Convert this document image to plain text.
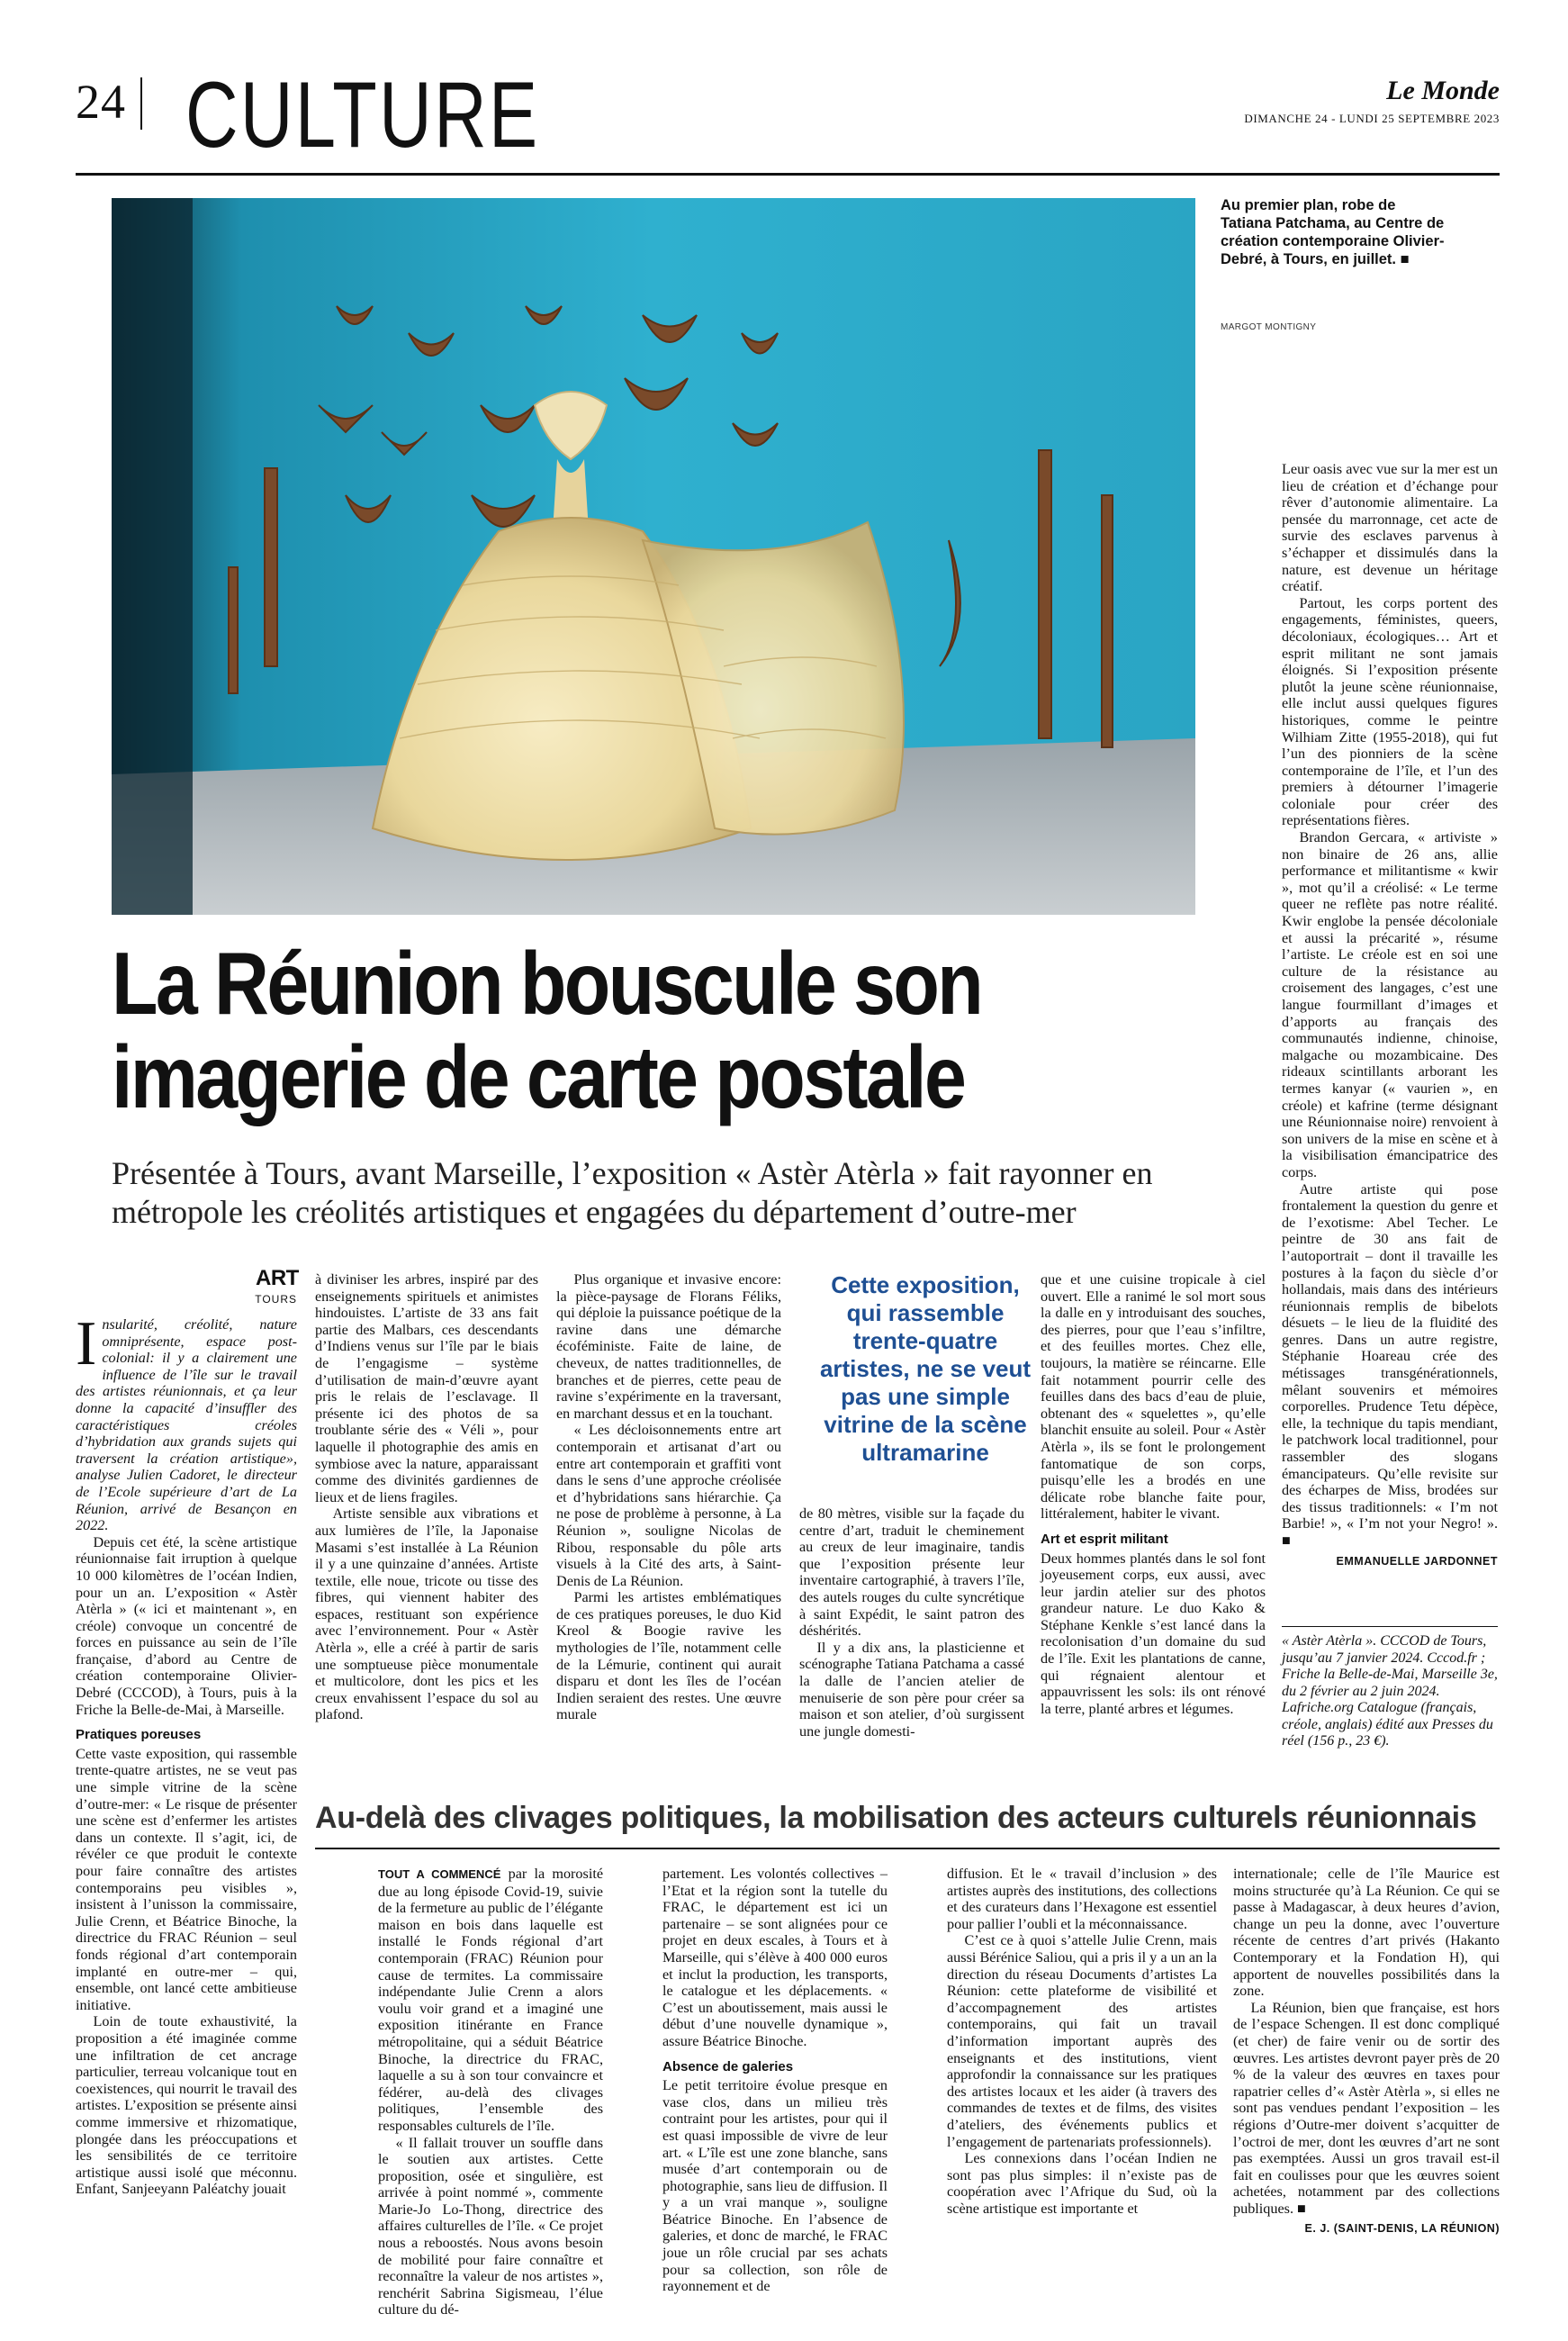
24 CULTURE	Le Monde
DIMANCHE 24 - LUNDI 25 SEPTEMBRE 2023
Au premier plan, robe de Tatiana Patchama, au Centre de création contemporaine Olivier-Debré, à Tours, en juillet. ■
MARGOT MONTIGNY
La Réunion bouscule son imagerie de carte postale
Présentée à Tours, avant Marseille, l’exposition « Astèr Atèrla » fait rayonner en métropole les créolités artistiques et engagées du département d’outre-mer
ART
TOURS

Insularité, créolité, nature omniprésente, espace post-colonial: il y a clairement une influence de l’île sur le travail des artistes réunionnais, et ça leur donne la capacité d’insuffler des caractéristiques créoles d’hybridation aux grands sujets qui traversent la création artistique», analyse Julien Cadoret, le directeur de l’Ecole supérieure d’art de La Réunion, arrivé de Besançon en 2022.

Depuis cet été, la scène artistique réunionnaise fait irruption à quelque 10 000 kilomètres de l’océan Indien, pour un an. L’exposition « Astèr Atèrla » (« ici et maintenant », en créole) convoque un concentré de forces en puissance au sein de l’île française, d’abord au Centre de création contemporaine Olivier-Debré (CCCOD), à Tours, puis à la Friche la Belle-de-Mai, à Marseille.

Pratiques poreuses

Cette vaste exposition, qui rassemble trente-quatre artistes, ne se veut pas une simple vitrine de la scène d’outre-mer: « Le risque de présenter une scène est d’enfermer les artistes dans un contexte. Il s’agit, ici, de révéler ce que produit le contexte pour faire connaître des artistes contemporains peu visibles », insistent à l’unisson la commissaire, Julie Crenn, et Béatrice Binoche, la directrice du FRAC Réunion – seul fonds régional d’art contemporain implanté en outre-mer – qui, ensemble, ont lancé cette ambitieuse initiative.

Loin de toute exhaustivité, la proposition a été imaginée comme une infiltration de cet ancrage particulier, terreau volcanique tout en coexistences, qui nourrit le travail des artistes. L’exposition se présente ainsi comme immersive et rhizomatique, plongée dans les préoccupations et les sensibilités de ce territoire artistique aussi isolé que méconnu. Enfant, Sanjeeyann Paléatchy jouait

à diviniser les arbres, inspiré par des enseignements spirituels et animistes hindouistes. L’artiste de 33 ans fait partie des Malbars, ces descendants d’Indiens venus sur l’île par le biais de l’engagisme – système d’utilisation de main-d’œuvre ayant pris le relais de l’esclavage. Il présente ici des photos de sa troublante série des « Véli », pour laquelle il photographie des amis en symbiose avec la nature, apparaissant comme des divinités gardiennes de lieux et de liens fragiles.

Artiste sensible aux vibrations et aux lumières de l’île, la Japonaise Masami s’est installée à La Réunion il y a une quinzaine d’années. Artiste textile, elle noue, tricote ou tisse des fibres, qui viennent habiter des espaces, restituant son expérience avec l’environnement. Pour « Astèr Atèrla », elle a créé à partir de saris une somptueuse pièce monumentale et multicolore, dont les pics et les creux envahissent l’espace du sol au plafond.

Plus organique et invasive encore: la pièce-paysage de Florans Féliks, qui déploie la puissance poétique de la ravine dans une démarche écoféministe. Faite de laine, de cheveux, de nattes traditionnelles, de branches et de pierres, cette peau de ravine s’expérimente en la traversant, en marchant dessus et en la touchant.

« Les décloisonnements entre art contemporain et artisanat d’art ou entre art contemporain et graffiti vont dans le sens d’une approche créolisée et d’hybridations sans hiérarchie. Ça ne pose de problème à personne, à La Réunion », souligne Nicolas de Ribou, responsable du pôle arts visuels à la Cité des arts, à Saint-Denis de La Réunion.

Parmi les artistes emblématiques de ces pratiques poreuses, le duo Kid Kreol & Boogie ravive les mythologies de l’île, notamment celle de la Lémurie, continent qui aurait disparu et dont les îles de l’océan Indien seraient des restes. Une œuvre murale

Cette exposition, qui rassemble trente-quatre artistes, ne se veut pas une simple vitrine de la scène ultramarine

de 80 mètres, visible sur la façade du centre d’art, traduit le cheminement au creux de leur imaginaire, tandis que l’exposition présente leur inventaire cartographié, à travers l’île, des autels rouges du culte syncrétique à saint Expédit, le saint patron des déshérités.

Il y a dix ans, la plasticienne et scénographe Tatiana Patchama a cassé la dalle de l’ancien atelier de menuiserie de son père pour créer sa maison et son atelier, d’où surgissent une jungle domesti-

que et une cuisine tropicale à ciel ouvert. Elle a ranimé le sol mort sous la dalle en y introduisant des souches, des pierres, pour que l’eau s’infiltre, et des feuilles mortes. Chez elle, toujours, la matière se réincarne. Elle fait notamment pourrir celle des feuilles dans des bacs d’eau de pluie, obtenant des « squelettes », qu’elle blanchit ensuite au soleil. Pour « Astèr Atèrla », ils se font le prolongement fantomatique de son corps, puisqu’elle les a brodés en une délicate robe blanche faite pour, littéralement, habiter le vivant.

Art et esprit militant

Deux hommes plantés dans le sol font joyeusement corps, eux aussi, avec leur jardin atelier sur des photos grandeur nature. Le duo Kako & Stéphane Kenkle s’est lancé dans la recolonisation d’un domaine du sud de l’île. Exit les plantations de canne, qui régnaient alentour et appauvrissent les sols: ils ont rénové la terre, planté arbres et légumes.

Leur oasis avec vue sur la mer est un lieu de création et d’échange pour rêver d’autonomie alimentaire. La pensée du marronnage, cet acte de survie des esclaves parvenus à s’échapper et dissimulés dans la nature, est devenue un héritage créatif.

Partout, les corps portent des engagements, féministes, queers, décoloniaux, écologiques… Art et esprit militant ne sont jamais éloignés. Si l’exposition présente plutôt la jeune scène réunionnaise, elle inclut aussi quelques figures historiques, comme le peintre Wilhiam Zitte (1955-2018), qui fut l’un des pionniers de la scène contemporaine de l’île, et l’un des premiers à détourner l’imagerie coloniale pour créer des représentations fières.

Brandon Gercara, « artiviste » non binaire de 26 ans, allie performance et militantisme « kwir », mot qu’il a créolisé: « Le terme queer ne reflète pas notre réalité. Kwir englobe la pensée décoloniale et aussi la précarité », résume l’artiste. Le créole est en soi une culture de la résistance au croisement des langages, c’est une langue fourmillant d’images et d’apports au français des communautés indienne, chinoise, malgache ou mozambicaine. Des rideaux scintillants arborant les termes kanyar (« vaurien », en créole) et kafrine (terme désignant une Réunionnaise noire) renvoient à son univers de la mise en scène et à la visibilisation émancipatrice des corps.

Autre artiste qui pose frontalement la question du genre et de l’exotisme: Abel Techer. Le peintre de 30 ans fait de l’autoportrait – dont il travaille les postures à la façon du siècle d’or hollandais, mais dans des intérieurs réunionnais remplis de bibelots désuets – le lieu de la fluidité des genres. Dans un autre registre, Stéphanie Hoareau crée des métissages transgénérationnels, mêlant souvenirs et mémoires corporelles. Prudence Tetu dépèce, elle, la technique du tapis mendiant, le patchwork local traditionnel, pour rassembler des slogans émancipateurs. Qu’elle revisite sur des écharpes de Miss, brodées sur des tissus traditionnels: « I’m not Barbie! », « I’m not your Negro! ». ■

EMMANUELLE JARDONNET
« Astèr Atèrla ». CCCOD de Tours, jusqu’au 7 janvier 2024. Cccod.fr ; Friche la Belle-de-Mai, Marseille 3e, du 2 février au 2 juin 2024. Lafriche.org Catalogue (français, créole, anglais) édité aux Presses du réel (156 p., 23 €).
Au-delà des clivages politiques, la mobilisation des acteurs culturels réunionnais

TOUT A COMMENCÉ par la morosité due au long épisode Covid-19, suivie de la fermeture au public de l’élégante maison en bois dans laquelle est installé le Fonds régional d’art contemporain (FRAC) Réunion pour cause de termites. La commissaire indépendante Julie Crenn a alors voulu voir grand et a imaginé une exposition itinérante en France métropolitaine, qui a séduit Béatrice Binoche, la directrice du FRAC, laquelle a su à son tour convaincre et fédérer, au-delà des clivages politiques, l’ensemble des responsables culturels de l’île.

« Il fallait trouver un souffle dans le soutien aux artistes. Cette proposition, osée et singulière, est arrivée à point nommé », commente Marie-Jo Lo-Thong, directrice des affaires culturelles de l’île. « Ce projet nous a reboostés. Nous avons besoin de mobilité pour faire connaître et reconnaître la valeur de nos artistes », renchérit Sabrina Sigismeau, l’élue culture du dé-

partement. Les volontés collectives – l’Etat et la région sont la tutelle du FRAC, le département est ici un partenaire – se sont alignées pour ce projet en deux escales, à Tours et à Marseille, qui s’élève à 400 000 euros et inclut la production, les transports, le catalogue et les déplacements. « C’est un aboutissement, mais aussi le début d’une nouvelle dynamique », assure Béatrice Binoche.

Absence de galeries

Le petit territoire évolue presque en vase clos, dans un milieu très contraint pour les artistes, pour qui il est quasi impossible de vivre de leur art. « L’île est une zone blanche, sans musée d’art contemporain ou de photographie, sans lieu de diffusion. Il y a un vrai manque », souligne Béatrice Binoche. En l’absence de galeries, et donc de marché, le FRAC joue un rôle crucial par ses achats pour sa collection, son rôle de rayonnement et de

diffusion. Et le « travail d’inclusion » des artistes auprès des institutions, des collections et des curateurs dans l’Hexagone est essentiel pour pallier l’oubli et la méconnaissance.

C’est ce à quoi s’attelle Julie Crenn, mais aussi Bérénice Saliou, qui a pris il y a un an la direction du réseau Documents d’artistes La Réunion: cette plateforme de visibilité et d’accompagnement des artistes contemporains, qui fait un travail d’information important auprès des enseignants et des institutions, vient approfondir la connaissance sur les pratiques des artistes locaux et les aider (à travers des commandes de textes et de films, des visites d’ateliers, des événements publics et l’engagement de partenariats professionnels).

Les connexions dans l’océan Indien ne sont pas plus simples: il n’existe pas de coopération avec l’Afrique du Sud, où la scène artistique est importante et

internationale; celle de l’île Maurice est moins structurée qu’à La Réunion. Ce qui se passe à Madagascar, à deux heures d’avion, change un peu la donne, avec l’ouverture récente de centres d’art privés (Hakanto Contemporary et la Fondation H), qui apportent de nouvelles possibilités dans la zone.

La Réunion, bien que française, est hors de l’espace Schengen. Il est donc compliqué (et cher) de faire venir ou de sortir des œuvres. Les artistes devront payer près de 20 % de la valeur des œuvres en taxes pour rapatrier celles d’« Astèr Atèrla », si elles ne sont pas vendues pendant l’exposition – les régions d’Outre-mer doivent s’acquitter de l’octroi de mer, dont les œuvres d’art ne sont pas exemptées. Aussi un gros travail est-il fait en coulisses pour que les œuvres soient achetées, notamment par des collections publiques. ■

E. J. (SAINT-DENIS, LA RÉUNION)
